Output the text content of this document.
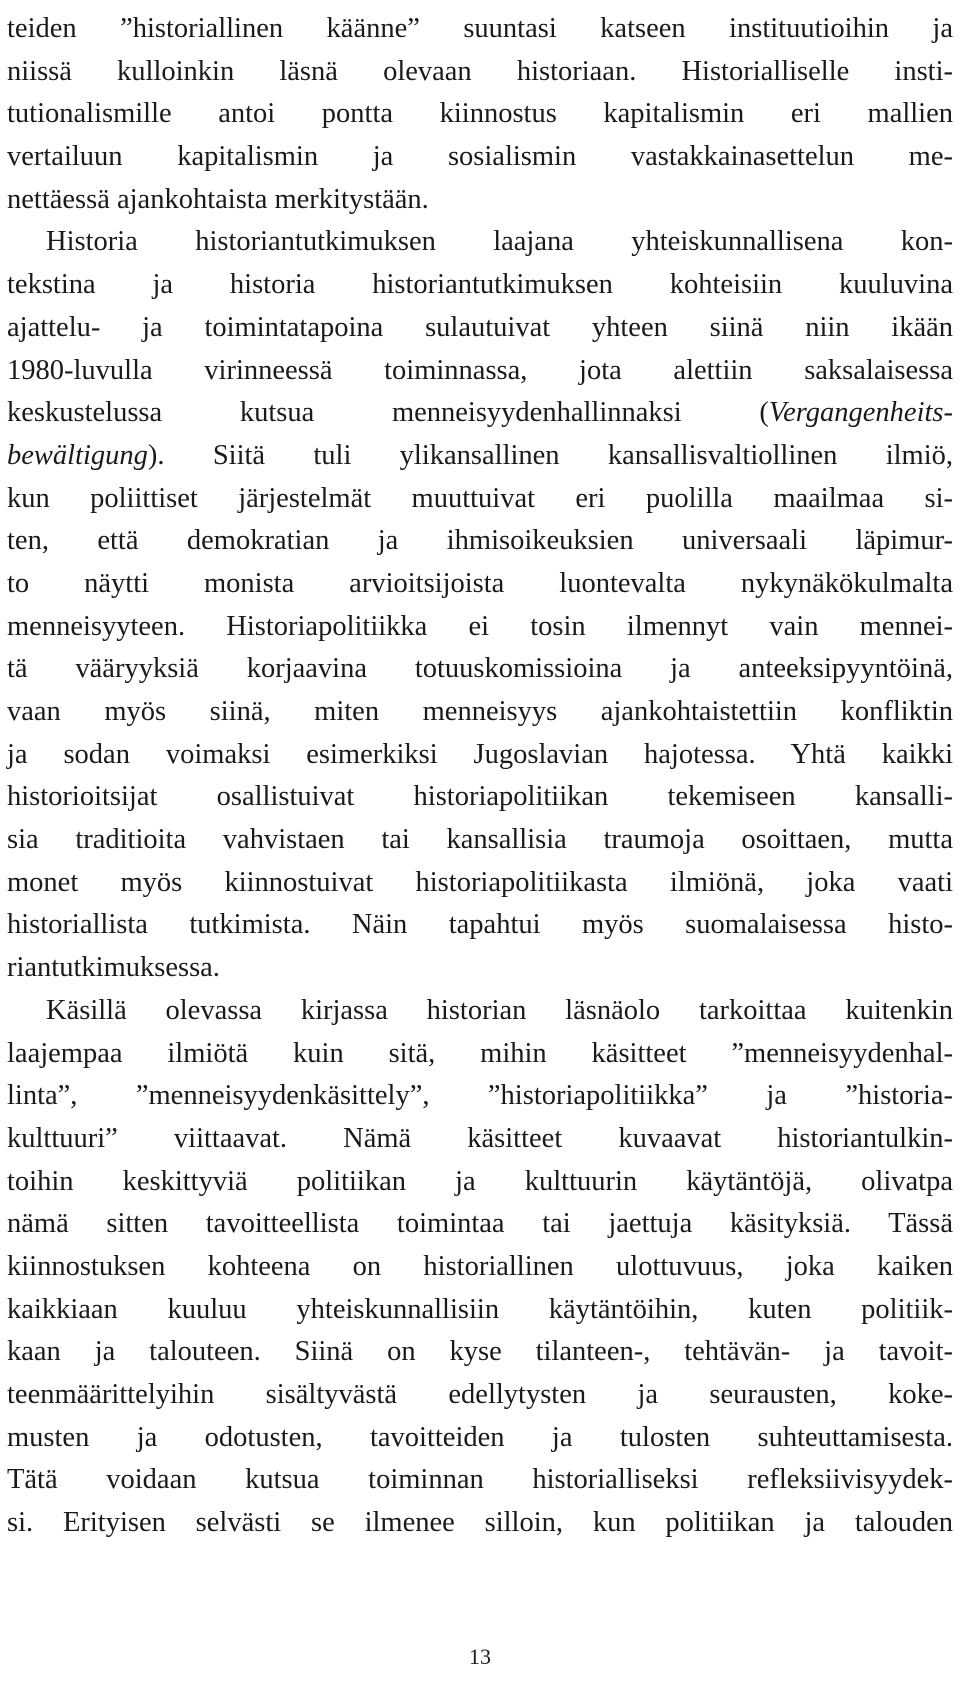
teiden ”historiallinen käänne” suuntasi katseen instituutioihin ja
niissä kulloinkin läsnä olevaan historiaan. Historialliselle insti-
tutionalismille antoi pontta kiinnostus kapitalismin eri mallien
vertailuun kapitalismin ja sosialismin vastakkainasettelun me-
nettäessä ajankohtaista merkitystään.
Historia historiantutkimuksen laajana yhteiskunnallisena kon-
tekstina ja historia historiantutkimuksen kohteisiin kuuluvina
ajattelu- ja toimintatapoina sulautuivat yhteen siinä niin ikään
1980-luvulla virinneessä toiminnassa, jota alettiin saksalaisessa
keskustelussa kutsua menneisyydenhallinnaksi (Vergangenheits-
bewältigung). Siitä tuli ylikansallinen kansallisvaltiollinen ilmiö,
kun poliittiset järjestelmät muuttuivat eri puolilla maailmaa si-
ten, että demokratian ja ihmisoikeuksien universaali läpimur-
to näytti monista arvioitsijoista luontevalta nykynäkökulmalta
menneisyyteen. Historiapolitiikka ei tosin ilmennyt vain mennei-
tä vääryyksiä korjaavina totuuskomissioina ja anteeksipyyntöinä,
vaan myös siinä, miten menneisyys ajankohtaistettiin konfliktin
ja sodan voimaksi esimerkiksi Jugoslavian hajotessa. Yhtä kaikki
historioitsijat osallistuivat historiapolitiikan tekemiseen kansalli-
sia traditioita vahvistaen tai kansallisia traumoja osoittaen, mutta
monet myös kiinnostuivat historiapolitiikasta ilmiönä, joka vaati
historiallista tutkimista. Näin tapahtui myös suomalaisessa histo-
riantutkimuksessa.
Käsillä olevassa kirjassa historian läsnäolo tarkoittaa kuitenkin
laajempaa ilmiötä kuin sitä, mihin käsitteet ”menneisyydenhal-
linta”, ”menneisyydenkäsittely”, ”historiapolitiikka” ja ”historia-
kulttuuri” viittaavat. Nämä käsitteet kuvaavat historiantulkin-
toihin keskittyviä politiikan ja kulttuurin käytäntöjä, olivatpa
nämä sitten tavoitteellista toimintaa tai jaettuja käsityksiä. Tässä
kiinnostuksen kohteena on historiallinen ulottuvuus, joka kaiken
kaikkiaan kuuluu yhteiskunnallisiin käytäntöihin, kuten politiik-
kaan ja talouteen. Siinä on kyse tilanteen-, tehtävän- ja tavoit-
teenmäärittelyihin sisältyvästä edellytysten ja seurausten, koke-
musten ja odotusten, tavoitteiden ja tulosten suhteuttamisesta.
Tätä voidaan kutsua toiminnan historialliseksi refleksiivisyydek-
si. Erityisen selvästi se ilmenee silloin, kun politiikan ja talouden
13
